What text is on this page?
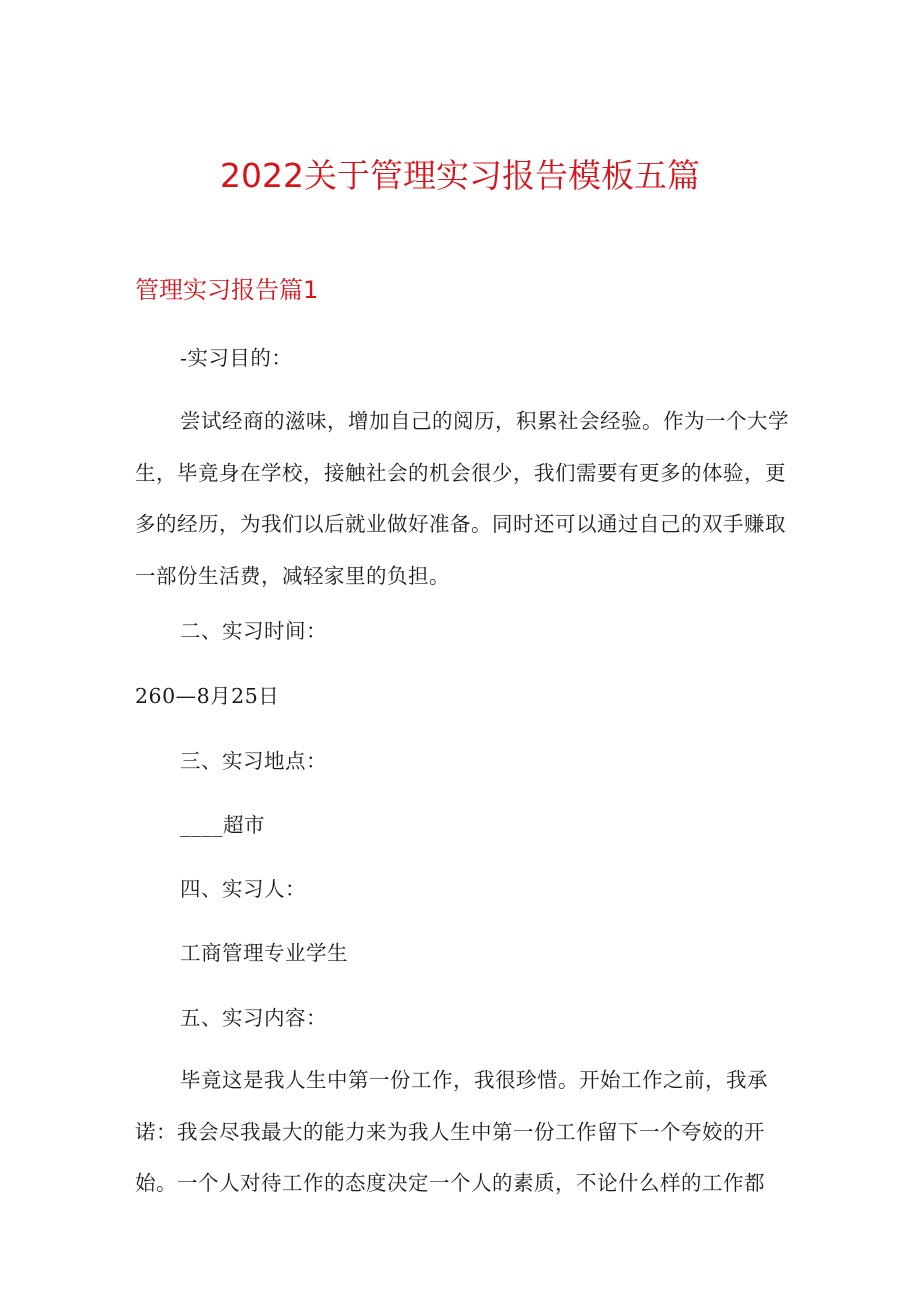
2022关于管理实习报告模板五篇
管理实习报告篇1

-实习目的：

尝试经商的滋味，增加自己的阅历，积累社会经验。作为一个大学生，毕竟身在学校，接触社会的机会很少，我们需要有更多的体验，更多的经历，为我们以后就业做好准备。同时还可以通过自己的双手赚取一部份生活费，减轻家里的负担。

二、实习时间：

260—8月25日

三、实习地点：

____超市

四、实习人：

工商管理专业学生

五、实习内容：

毕竟这是我人生中第一份工作，我很珍惜。开始工作之前，我承诺：我会尽我最大的能力来为我人生中第一份工作留下一个夸姣的开始。一个人对待工作的态度决定一个人的素质，不论什么样的工作都
